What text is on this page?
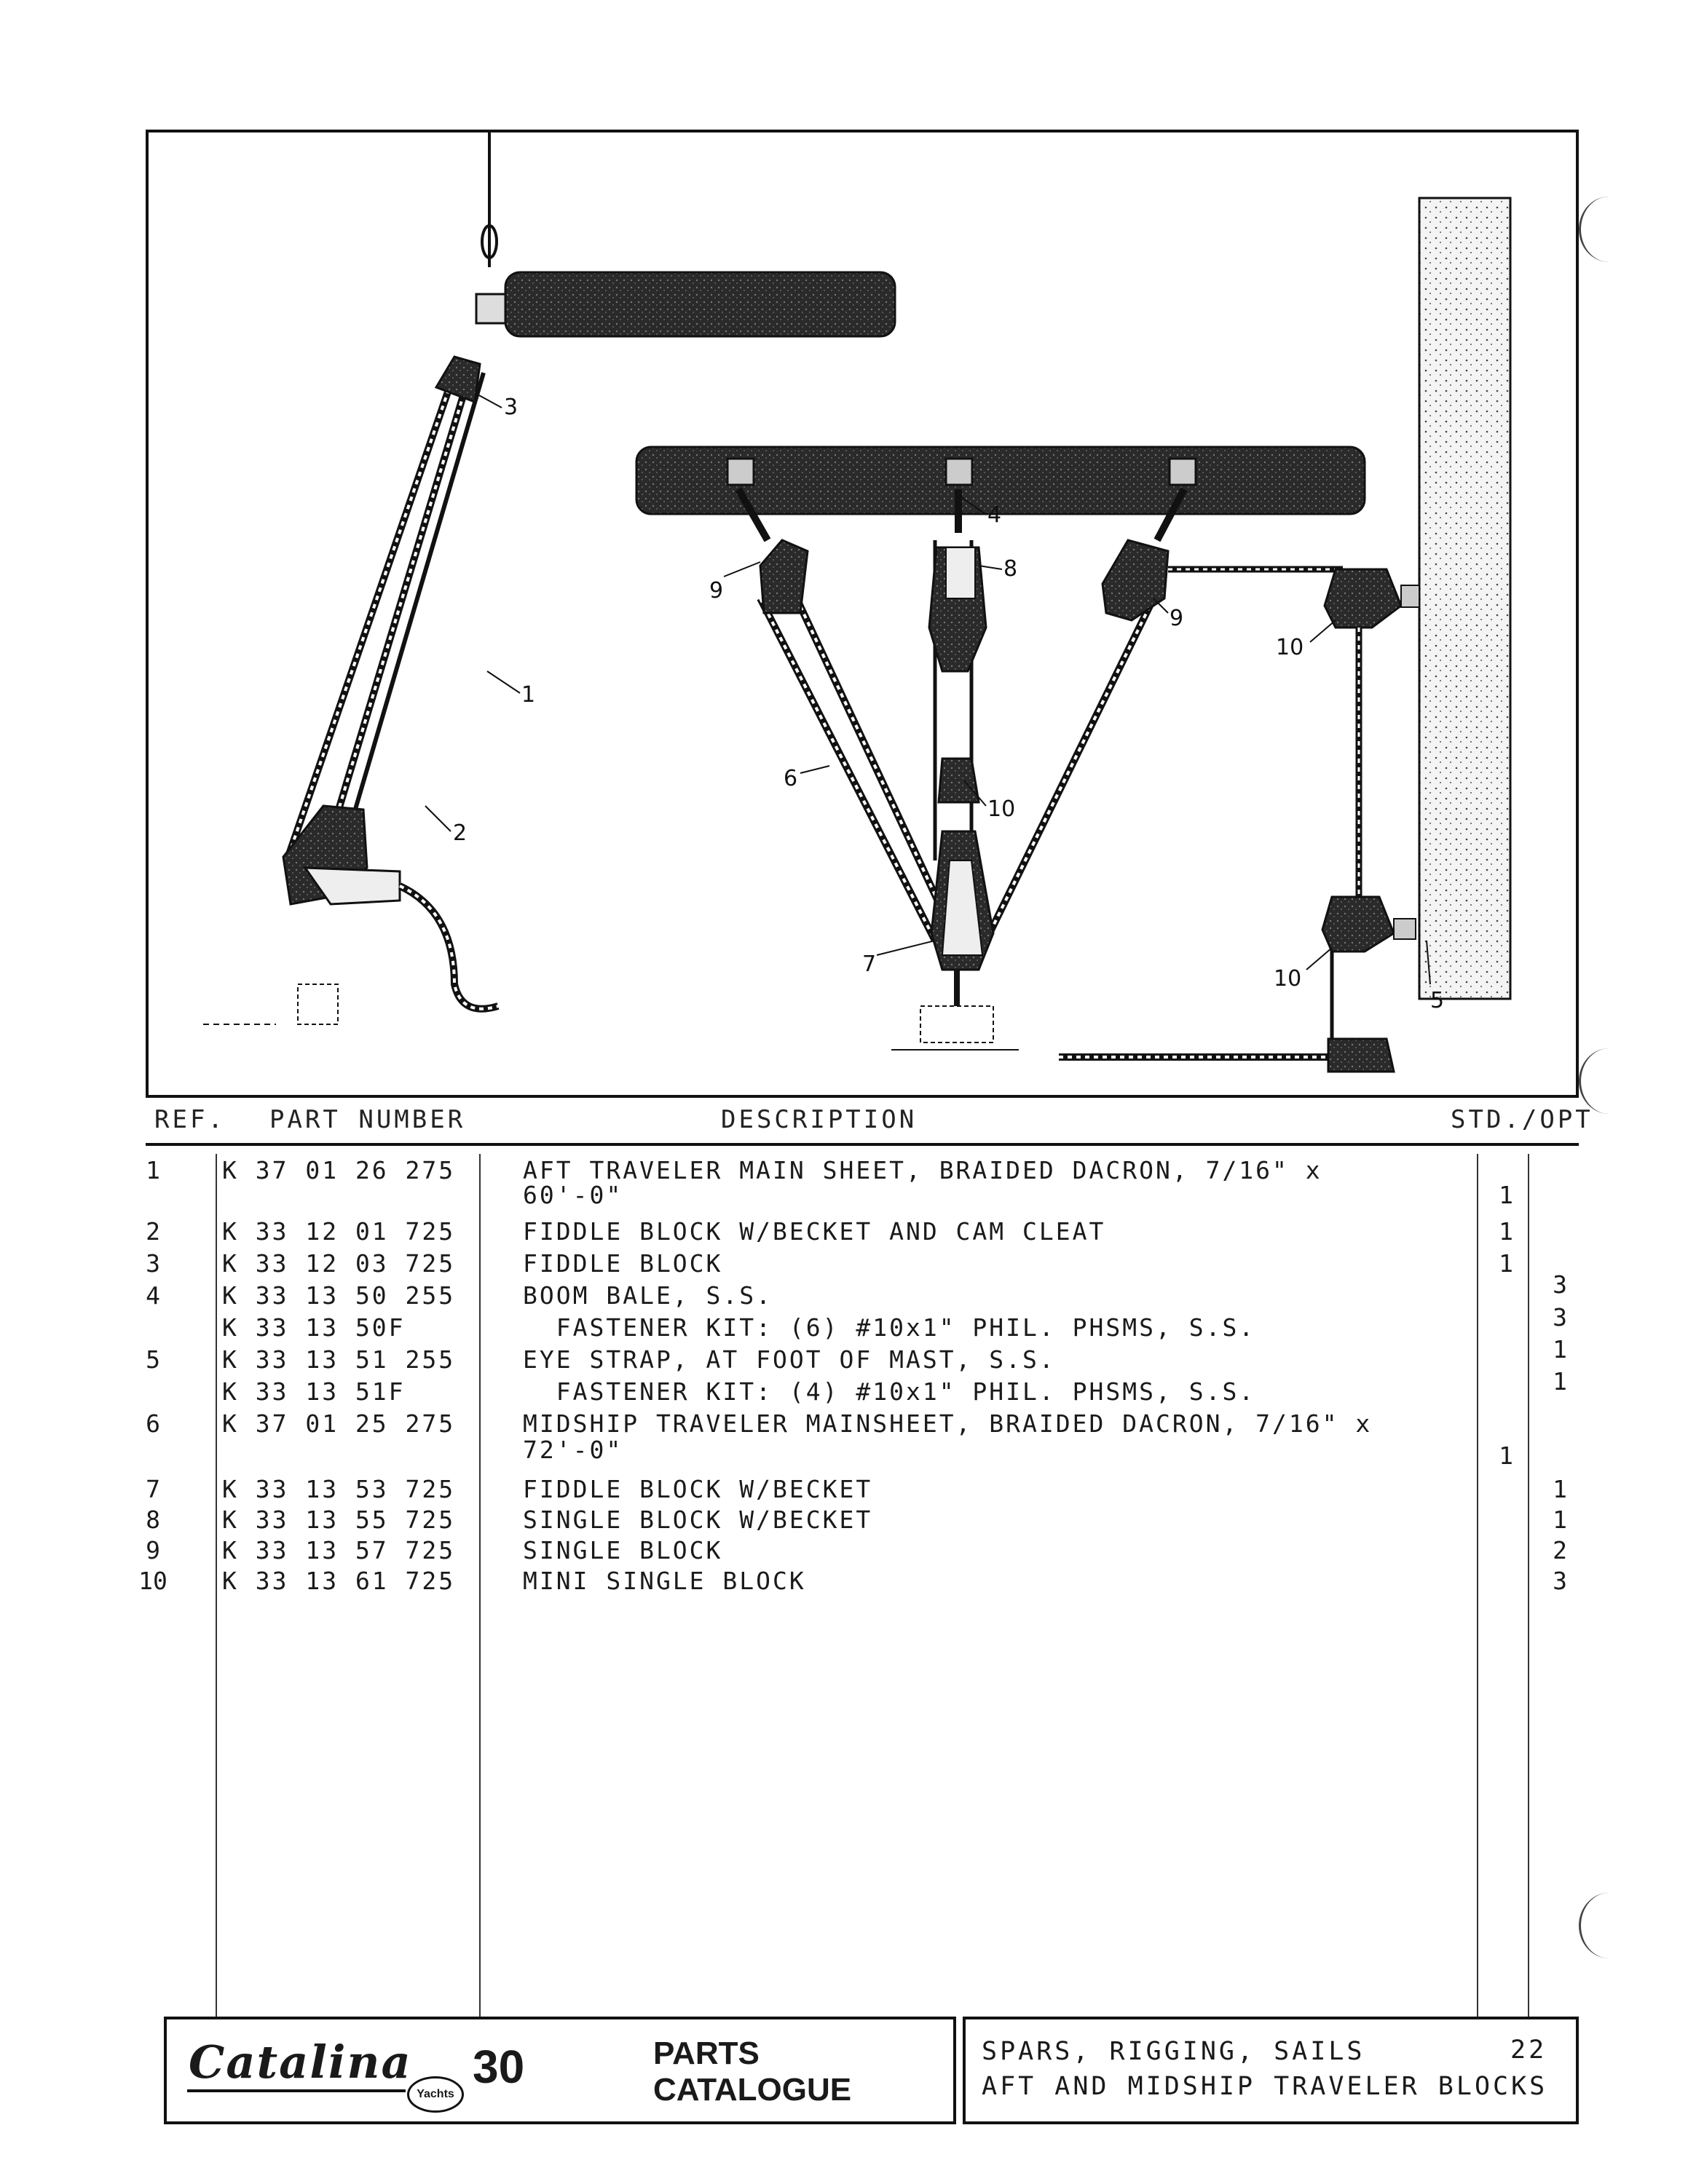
3
1
2
4
8
9
9
6
10
10
7
10
5
REF. PART NUMBER	DESCRIPTION	STD./OPT
1	K 37 01 26 275	AFT TRAVELER MAIN SHEET, BRAIDED DACRON, 7/16" x
60'-0"	1
2	K 33 12 01 725	FIDDLE BLOCK W/BECKET AND CAM CLEAT	1
3	K 33 12 03 725	FIDDLE BLOCK	1
4	K 33 13 50 255	BOOM BALE, S.S.	3
K 33 13 50F	FASTENER KIT: (6) #10x1" PHIL. PHSMS, S.S.	3
5	K 33 13 51 255	EYE STRAP, AT FOOT OF MAST, S.S.	1
K 33 13 51F	FASTENER KIT: (4) #10x1" PHIL. PHSMS, S.S.	1
6	K 37 01 25 275	MIDSHIP TRAVELER MAINSHEET, BRAIDED DACRON, 7/16" x
72'-0"	1
7	K 33 13 53 725	FIDDLE BLOCK W/BECKET	1
8	K 33 13 55 725	SINGLE BLOCK W/BECKET	1
9	K 33 13 57 725	SINGLE BLOCK	2
10	K 33 13 61 725	MINI SINGLE BLOCK	3
Catalina
Yachts
30	PARTS
CATALOGUE
SPARS, RIGGING, SAILS	22
AFT AND MIDSHIP TRAVELER BLOCKS
